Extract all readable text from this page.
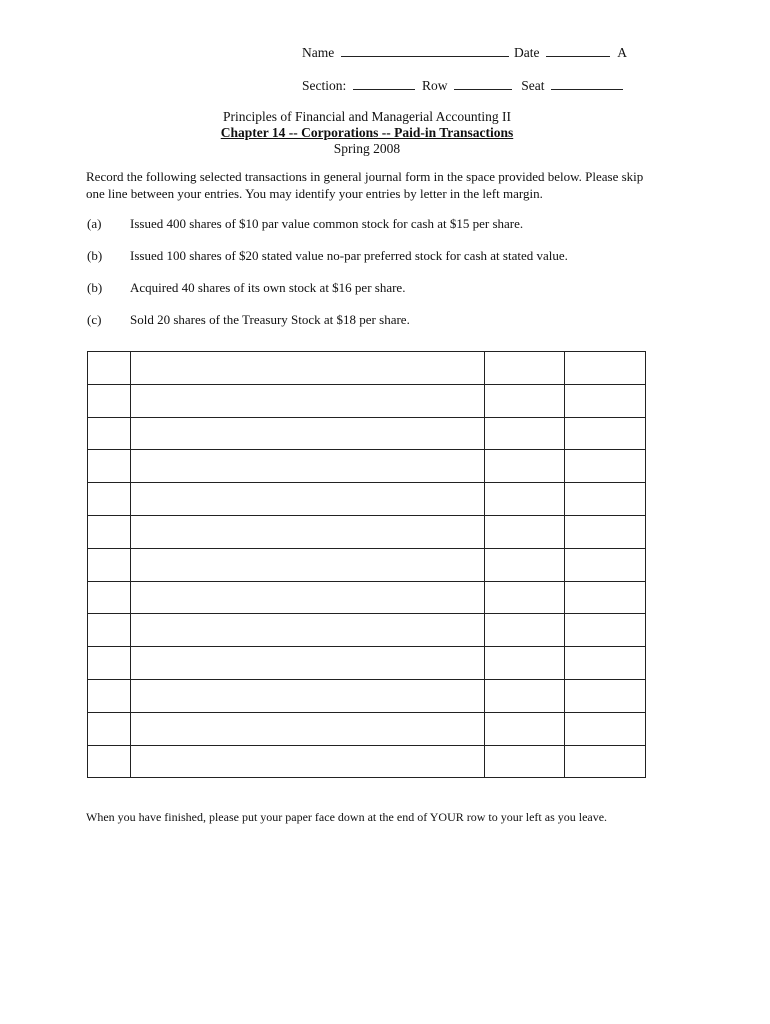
Name	Date	A
Section:	Row	Seat
Principles of Financial and Managerial Accounting II
Chapter 14 -- Corporations -- Paid-in Transactions
Spring 2008
Record the following selected transactions in general journal form in the space provided below. Please skip one line between your entries. You may identify your entries by letter in the left margin.
(a) Issued 400 shares of $10 par value common stock for cash at $15 per share.
(b) Issued 100 shares of $20 stated value no-par preferred stock for cash at stated value.
(b) Acquired 40 shares of its own stock at $16 per share.
(c) Sold 20 shares of the Treasury Stock at $18 per share.

When you have finished, please put your paper face down at the end of YOUR row to your left as you leave.
